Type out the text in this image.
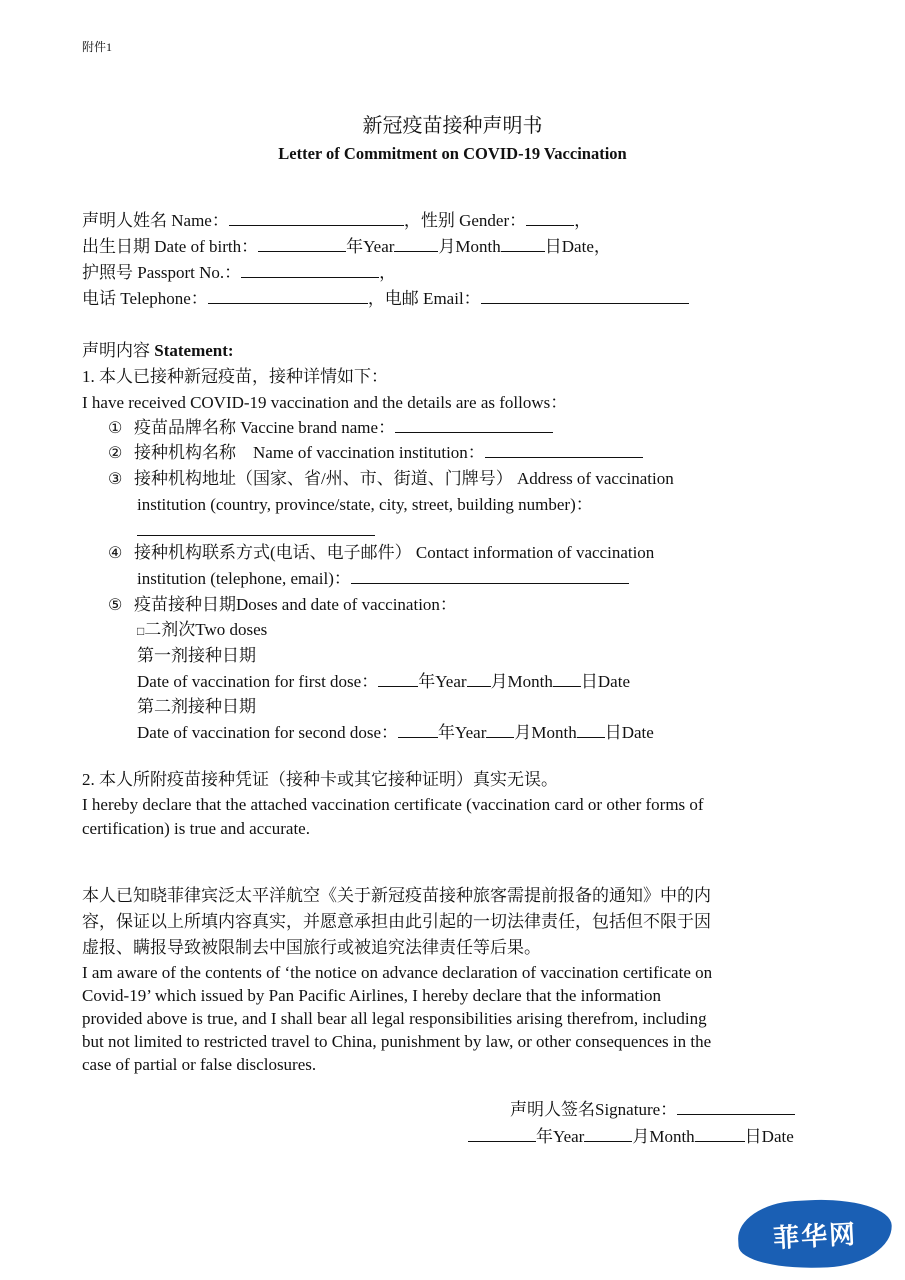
附件1
新冠疫苗接种声明书
Letter of Commitment on COVID-19 Vaccination
声明人姓名 Name：	，性别 Gender：	，
出生日期 Date of birth：	年Year	月Month	日Date，
护照号 Passport No.：	，
电话 Telephone：	，电邮 Email：
声明内容 Statement:
1. 本人已接种新冠疫苗，接种详情如下：
I have received COVID-19 vaccination and the details are as follows：
① 疫苗品牌名称 Vaccine brand name：
② 接种机构名称　Name of vaccination institution：
③ 接种机构地址（国家、省/州、市、街道、门牌号） Address of vaccination
institution (country, province/state, city, street, building number)：
④ 接种机构联系方式(电话、电子邮件） Contact information of vaccination
institution (telephone, email)：
⑤ 疫苗接种日期Doses and date of vaccination：
□二剂次Two doses
第一剂接种日期
Date of vaccination for first dose： 年Year 月Month 日Date
第二剂接种日期
Date of vaccination for second dose： 年Year 月Month 日Date
2. 本人所附疫苗接种凭证（接种卡或其它接种证明）真实无误。
I hereby declare that the attached vaccination certificate (vaccination card or other forms of
certification) is true and accurate.
本人已知晓菲律宾泛太平洋航空《关于新冠疫苗接种旅客需提前报备的通知》中的内
容，保证以上所填内容真实，并愿意承担由此引起的一切法律责任，包括但不限于因
虚报、瞒报导致被限制去中国旅行或被追究法律责任等后果。
I am aware of the contents of ‘the notice on advance declaration of vaccination certificate on
Covid-19’ which issued by Pan Pacific Airlines, I hereby declare that the information
provided above is true, and I shall bear all legal responsibilities arising therefrom, including
but not limited to restricted travel to China, punishment by law, or other consequences in the
case of partial or false disclosures.
声明人签名Signature：
年Year	月Month	日Date
菲华网
